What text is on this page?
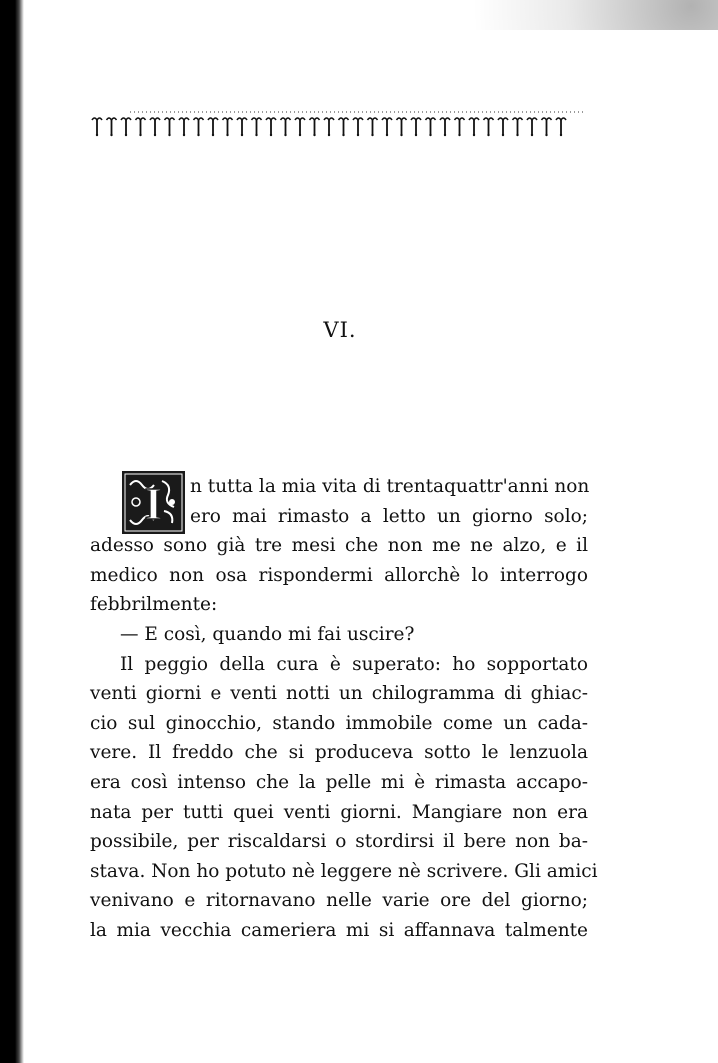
VI.
I	n tutta la mia vita di trentaquattr'anni non
ero mai rimasto a letto un giorno solo;
adesso sono già tre mesi che non me ne alzo, e il
medico non osa rispondermi allorchè lo interrogo
febbrilmente:
— E così, quando mi fai uscire?
Il peggio della cura è superato: ho sopportato
venti giorni e venti notti un chilogramma di ghiac-
cio sul ginocchio, stando immobile come un cada-
vere. Il freddo che si produceva sotto le lenzuola
era così intenso che la pelle mi è rimasta accapo-
nata per tutti quei venti giorni. Mangiare non era
possibile, per riscaldarsi o stordirsi il bere non ba-
stava. Non ho potuto nè leggere nè scrivere. Gli amici
venivano e ritornavano nelle varie ore del giorno;
la mia vecchia cameriera mi si affannava talmente
